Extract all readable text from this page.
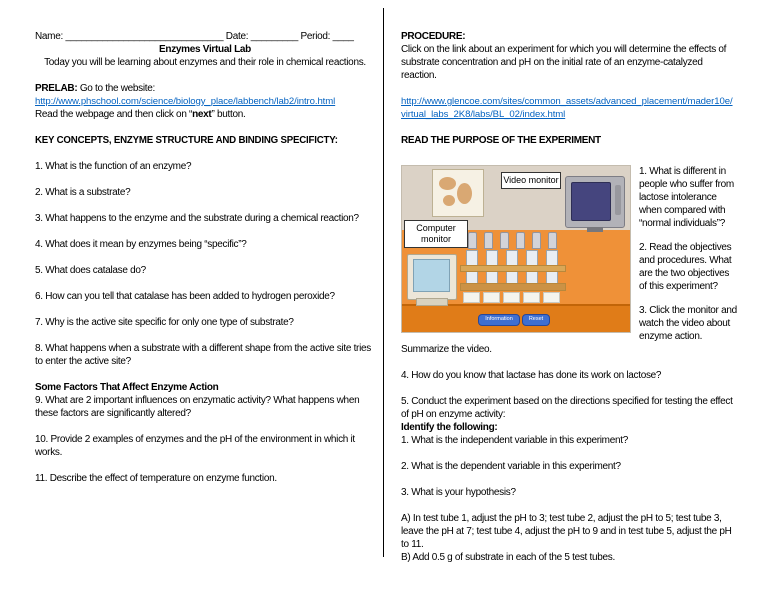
Name: ______________________________ Date: _________ Period: ____

Enzymes Virtual Lab

Today you will be learning about enzymes and their role in chemical reactions.

PRELAB: Go to the website:

http://www.phschool.com/science/biology_place/labbench/lab2/intro.html

Read the webpage and then click on “next” button.

KEY CONCEPTS, ENZYME STRUCTURE AND BINDING SPECIFICTY:

1. What is the function of an enzyme?

2. What is a substrate?

3. What happens to the enzyme and the substrate during a chemical reaction?

4. What does it mean by enzymes being “specific”?

5. What does catalase do?

6. How can you tell that catalase has been added to hydrogen peroxide?

7. Why is the active site specific for only one type of substrate?

8. What happens when a substrate with a different shape from the active site tries to enter the active site?

Some Factors That Affect Enzyme Action

9. What are 2 important influences on enzymatic activity? What happens when these factors are significantly altered?

10. Provide 2 examples of enzymes and the pH of the environment in which it works.

11. Describe the effect of temperature on enzyme function.

PROCEDURE:

Click on the link about an experiment for which you will determine the effects of substrate concentration and pH on the initial rate of an enzyme-catalyzed reaction.

http://www.glencoe.com/sites/common_assets/advanced_placement/mader10e/virtual_labs_2K8/labs/BL_02/index.html

READ THE PURPOSE OF THE EXPERIMENT

Video monitor
Computer monitor
Information	Reset

1. What is different in people who suffer from lactose intolerance when compared with “normal individuals”?

2. Read the objectives and procedures. What are the two objectives of this experiment?

3. Click the monitor and watch the video about enzyme action. Summarize the video.

4. How do you know that lactase has done its work on lactose?

5. Conduct the experiment based on the directions specified for testing the effect of pH on enzyme activity:

Identify the following:

1. What is the independent variable in this experiment?

2. What is the dependent variable in this experiment?

3. What is your hypothesis?

A) In test tube 1, adjust the pH to 3; test tube 2, adjust the pH to 5; test tube 3, leave the pH at 7; test tube 4, adjust the pH to 9 and in test tube 5, adjust the pH to 11.

B) Add 0.5 g of substrate in each of the 5 test tubes.
